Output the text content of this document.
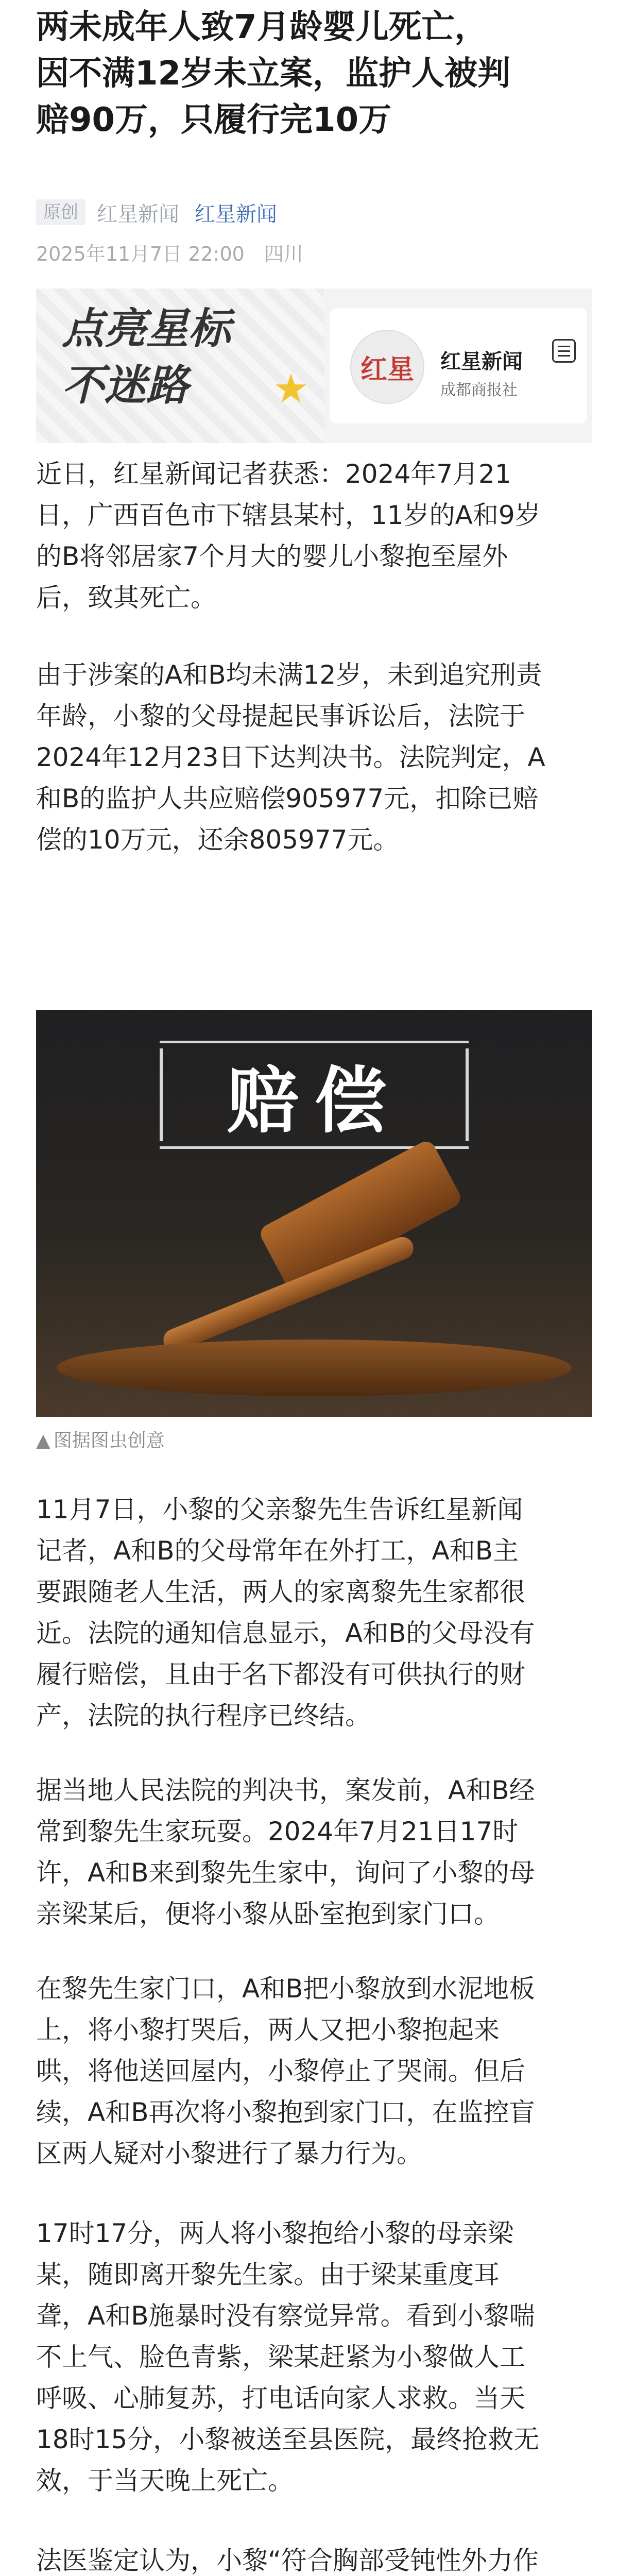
两未成年人致7月龄婴儿死亡，
因不满12岁未立案，监护人被判
赔90万，只履行完10万
原创 红星新闻 红星新闻
2025年11月7日 22:00 四川
点亮星标
不迷路 ★	红星	红星新闻
成都商报社
近日，红星新闻记者获悉：2024年7月21
日，广西百色市下辖县某村，11岁的A和9岁
的B将邻居家7个月大的婴儿小黎抱至屋外
后，致其死亡。
由于涉案的A和B均未满12岁，未到追究刑责
年龄，小黎的父母提起民事诉讼后，法院于
2024年12月23日下达判决书。法院判定，A
和B的监护人共应赔偿905977元，扣除已赔
偿的10万元，还余805977元。
赔偿
▲ 图据图虫创意
11月7日，小黎的父亲黎先生告诉红星新闻
记者，A和B的父母常年在外打工，A和B主
要跟随老人生活，两人的家离黎先生家都很
近。法院的通知信息显示，A和B的父母没有
履行赔偿，且由于名下都没有可供执行的财
产，法院的执行程序已终结。
据当地人民法院的判决书，案发前，A和B经
常到黎先生家玩耍。2024年7月21日17时
许，A和B来到黎先生家中，询问了小黎的母
亲梁某后，便将小黎从卧室抱到家门口。
在黎先生家门口，A和B把小黎放到水泥地板
上，将小黎打哭后，两人又把小黎抱起来
哄，将他送回屋内，小黎停止了哭闹。但后
续，A和B再次将小黎抱到家门口，在监控盲
区两人疑对小黎进行了暴力行为。
17时17分，两人将小黎抱给小黎的母亲梁
某，随即离开黎先生家。由于梁某重度耳
聋，A和B施暴时没有察觉异常。看到小黎喘
不上气、脸色青紫，梁某赶紧为小黎做人工
呼吸、心肺复苏，打电话向家人求救。当天
18时15分，小黎被送至县医院，最终抢救无
效，于当天晚上死亡。
法医鉴定认为，小黎“符合胸部受钝性外力作
